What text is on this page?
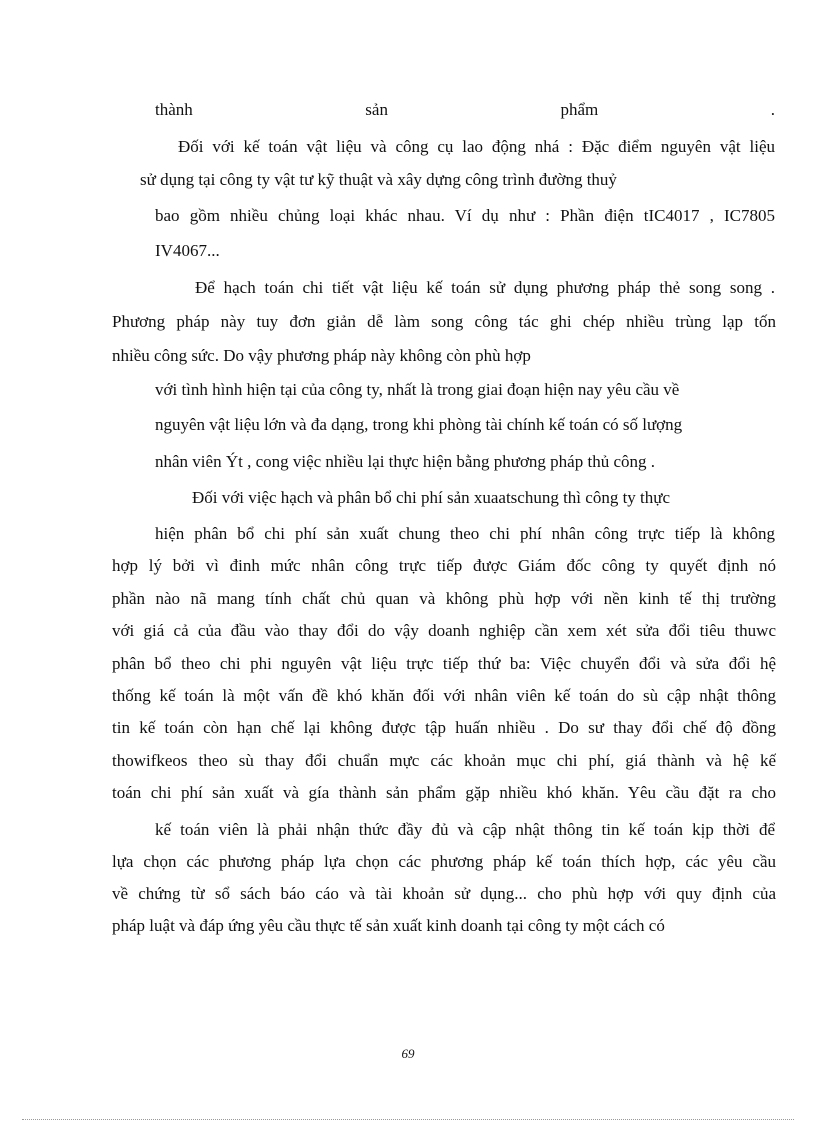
thành sản phẩm .
Đối với kế toán vật liệu và công cụ lao động nhá : Đặc điểm nguyên vật liệu
sử dụng tại công ty vật tư kỹ thuật và xây dựng công trình đường thuỷ
bao gồm nhiều chủng loại khác nhau. Ví dụ như : Phần điện tIC4017 , IC7805
IV4067...
Để hạch toán chi tiết vật liệu kế toán sử dụng phương pháp thẻ song song .
Phương pháp này tuy đơn giản dễ làm song công tác ghi chép nhiều trùng lạp tốn
nhiều công sức. Do vậy phương pháp này không còn phù hợp
với tình hình hiện tại của công ty, nhất là trong giai đoạn hiện nay yêu cầu về
nguyên vật liệu lớn và đa dạng, trong khi phòng tài chính kế toán có số lượng
nhân viên Ýt , cong việc nhiều lại thực hiện bằng phương pháp thủ công .
Đối với việc hạch và phân bổ chi phí sản xuaatschung thì công ty thực
hiện phân bổ chi phí sản xuất chung theo chi phí nhân công trực tiếp là không
hợp lý bởi vì đinh mức nhân công trực tiếp được Giám đốc công ty quyết định nó
phần nào nã mang tính chất chủ quan và không phù hợp với nền kinh tế thị trường
với giá cả của đầu vào thay đổi do vậy doanh nghiệp cần xem xét sửa đổi tiêu thuwc
phân bổ theo chi phi nguyên vật liệu trực tiếp thứ ba: Việc chuyển đổi và sửa đổi hệ
thống kế toán là một vấn đề khó khăn đối với nhân viên kế toán do sù cập nhật thông
tin kế toán còn hạn chế lại không được tập huấn nhiều . Do sư thay đổi chế độ đồng
thowifkeos theo sù thay đổi chuẩn mực các khoản mục chi phí, giá thành và hệ kế
toán chi phí sản xuất và gía thành sản phẩm gặp nhiều khó khăn. Yêu cầu đặt ra cho
kế toán viên là phải nhận thức đầy đủ và cập nhật thông tin kế toán kịp thời để
lựa chọn các phương pháp lựa chọn các phương pháp kế toán thích hợp, các yêu cầu
về chứng từ sổ sách báo cáo và tài khoản sử dụng... cho phù hợp với quy định của
pháp luật và đáp ứng yêu cầu thực tế sản xuất kinh doanh tại công ty một cách có
69
